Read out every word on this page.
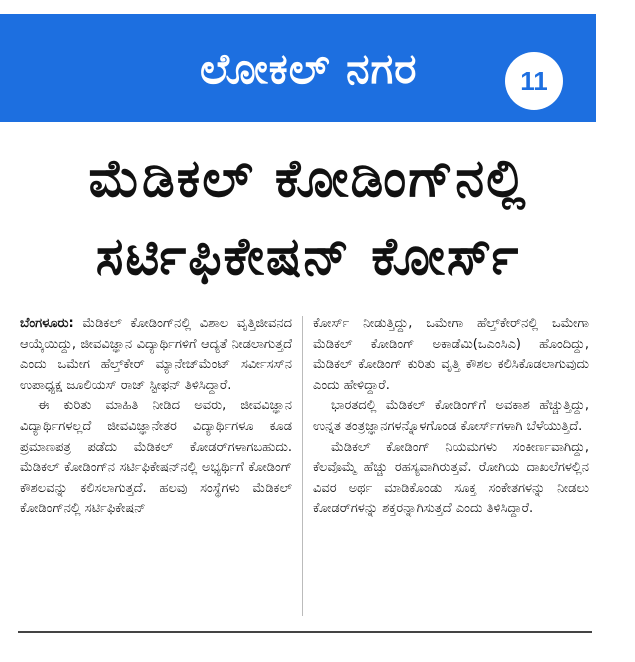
ಲೋಕಲ್ ನಗರ	11
ಮೆಡಿಕಲ್ ಕೋಡಿಂಗ್‌ನಲ್ಲಿ
ಸರ್ಟಿಫಿಕೇಷನ್ ಕೋರ್ಸ್

ಬೆಂಗಳೂರು: ಮೆಡಿಕಲ್ ಕೋಡಿಂಗ್‌ನಲ್ಲಿ ವಿಶಾಲ ವೃತ್ತಿಜೀವನದ ಆಯ್ಕೆಯಿದ್ದು, ಜೀವವಿಜ್ಞಾನ ವಿದ್ಯಾರ್ಥಿಗಳಿಗೆ ಆದ್ಯತೆ ನೀಡಲಾಗುತ್ತದೆ ಎಂದು ಒಮೇಗ ಹೆಲ್ತ್‌ಕೇರ್ ಮ್ಯಾನೇಜ್‌ಮೆಂಟ್ ಸರ್ವೀಸಸ್‌ನ ಉಪಾಧ್ಯಕ್ಷ ಜೂಲಿಯಸ್ ರಾಜ್ ಸ್ಟೀಫನ್ ತಿಳಿಸಿದ್ದಾರೆ.

ಈ ಕುರಿತು ಮಾಹಿತಿ ನೀಡಿದ ಅವರು, ಜೀವವಿಜ್ಞಾನ ವಿದ್ಯಾರ್ಥಿಗಳಲ್ಲದೆ ಜೀವವಿಜ್ಞಾನೇತರ ವಿದ್ಯಾರ್ಥಿಗಳೂ ಕೂಡ ಪ್ರಮಾಣಪತ್ರ ಪಡೆದು ಮೆಡಿಕಲ್ ಕೋಡರ್‌ಗಳಾಗಬಹುದು. ಮೆಡಿಕಲ್ ಕೋಡಿಂಗ್‌ನ ಸರ್ಟಿಫಿಕೇಷನ್‌ನಲ್ಲಿ ಅಭ್ಯರ್ಥಿಗೆ ಕೋಡಿಂಗ್ ಕೌಶಲವನ್ನು ಕಲಿಸಲಾಗುತ್ತದೆ. ಹಲವು ಸಂಸ್ಥೆಗಳು ಮೆಡಿಕಲ್ ಕೋಡಿಂಗ್‌ನಲ್ಲಿ ಸರ್ಟಿಫಿಕೇಷನ್

ಕೋರ್ಸ್ ನೀಡುತ್ತಿದ್ದು, ಒಮೇಗಾ ಹೆಲ್ತ್‌ಕೇರ್‌ನಲ್ಲಿ ಒಮೇಗಾ ಮೆಡಿಕಲ್ ಕೋಡಿಂಗ್ ಅಕಾಡೆಮಿ(ಒಎಂಸಿಎ) ಹೊಂದಿದ್ದು, ಮೆಡಿಕಲ್ ಕೋಡಿಂಗ್ ಕುರಿತು ವೃತ್ತಿ ಕೌಶಲ ಕಲಿಸಿಕೊಡಲಾಗುವುದು ಎಂದು ಹೇಳಿದ್ದಾರೆ.

ಭಾರತದಲ್ಲಿ ಮೆಡಿಕಲ್ ಕೋಡಿಂಗ್‌ಗೆ ಅವಕಾಶ ಹೆಚ್ಚುತ್ತಿದ್ದು, ಉನ್ನತ ತಂತ್ರಜ್ಞಾನಗಳನ್ನೊಳಗೊಂಡ ಕೋರ್ಸ್‌ಗಳಾಗಿ ಬೆಳೆಯುತ್ತಿದೆ.

ಮೆಡಿಕಲ್ ಕೋಡಿಂಗ್ ನಿಯಮಗಳು ಸಂಕೀರ್ಣವಾಗಿದ್ದು, ಕೆಲವೊಮ್ಮೆ ಹೆಚ್ಚು ರಹಸ್ಯವಾಗಿರುತ್ತವೆ. ರೋಗಿಯ ದಾಖಲೆಗಳಲ್ಲಿನ ವಿವರ ಅರ್ಥ ಮಾಡಿಕೊಂಡು ಸೂಕ್ತ ಸಂಕೇತಗಳನ್ನು ನೀಡಲು ಕೋಡರ್‌ಗಳನ್ನು ಶಕ್ತರನ್ನಾಗಿಸುತ್ತದೆ ಎಂದು ತಿಳಿಸಿದ್ದಾರೆ.
